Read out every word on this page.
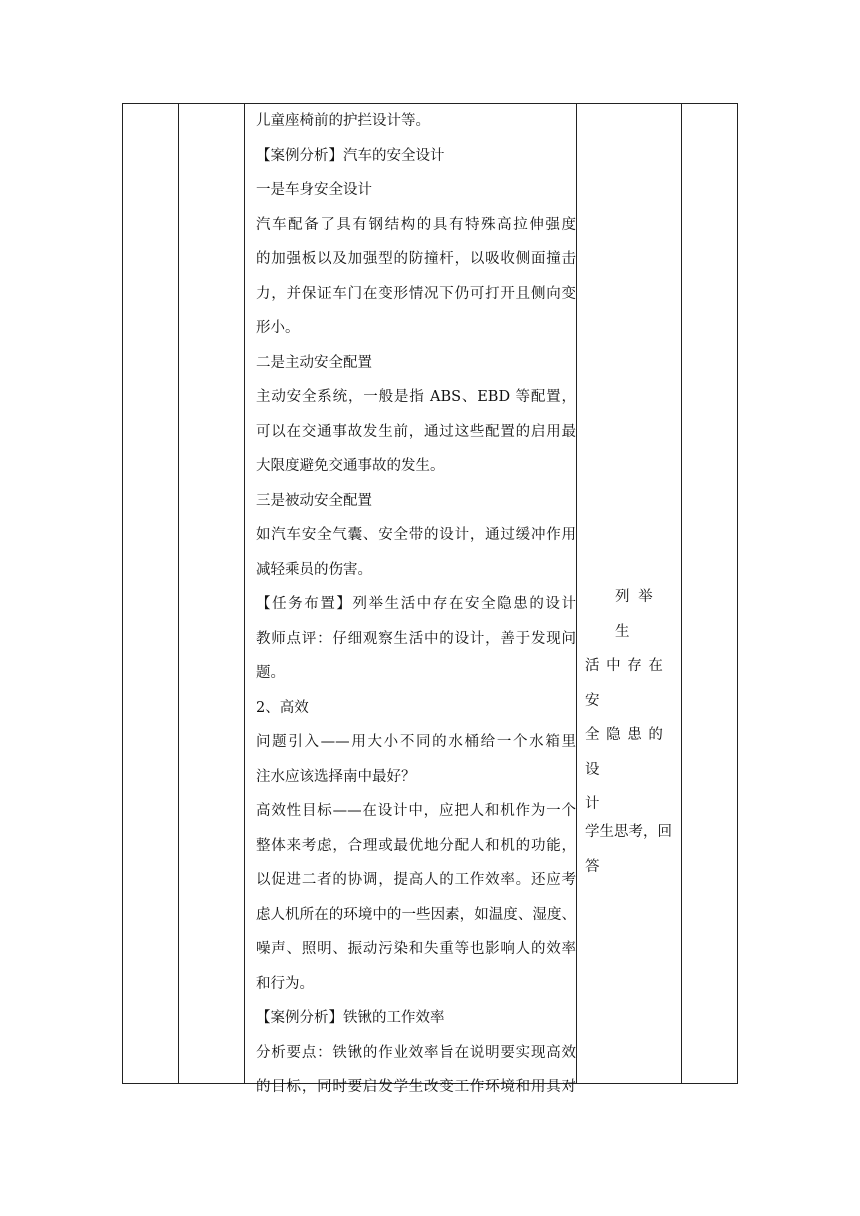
儿童座椅前的护拦设计等。

【案例分析】汽车的安全设计

一是车身安全设计

汽车配备了具有钢结构的具有特殊高拉伸强度

的加强板以及加强型的防撞杆，以吸收侧面撞击

力，并保证车门在变形情况下仍可打开且侧向变

形小。

二是主动安全配置

主动安全系统，一般是指 ABS、EBD 等配置，

可以在交通事故发生前，通过这些配置的启用最

大限度避免交通事故的发生。

三是被动安全配置

如汽车安全气囊、安全带的设计，通过缓冲作用

减轻乘员的伤害。

【任务布置】列举生活中存在安全隐患的设计

教师点评：仔细观察生活中的设计，善于发现问

题。

2、高效

问题引入——用大小不同的水桶给一个水箱里

注水应该选择南中最好？

高效性目标——在设计中，应把人和机作为一个

整体来考虑，合理或最优地分配人和机的功能，

以促进二者的协调，提高人的工作效率。还应考

虑人机所在的环境中的一些因素，如温度、湿度、

噪声、照明、振动污染和失重等也影响人的效率

和行为。

【案例分析】铁锹的工作效率

分析要点：铁锹的作业效率旨在说明要实现高效

的目标，同时要启发学生改变工作环境和用具对

列 举 生

活 中 存 在 安

全 隐 患 的 设

计

学生思考，回

答
